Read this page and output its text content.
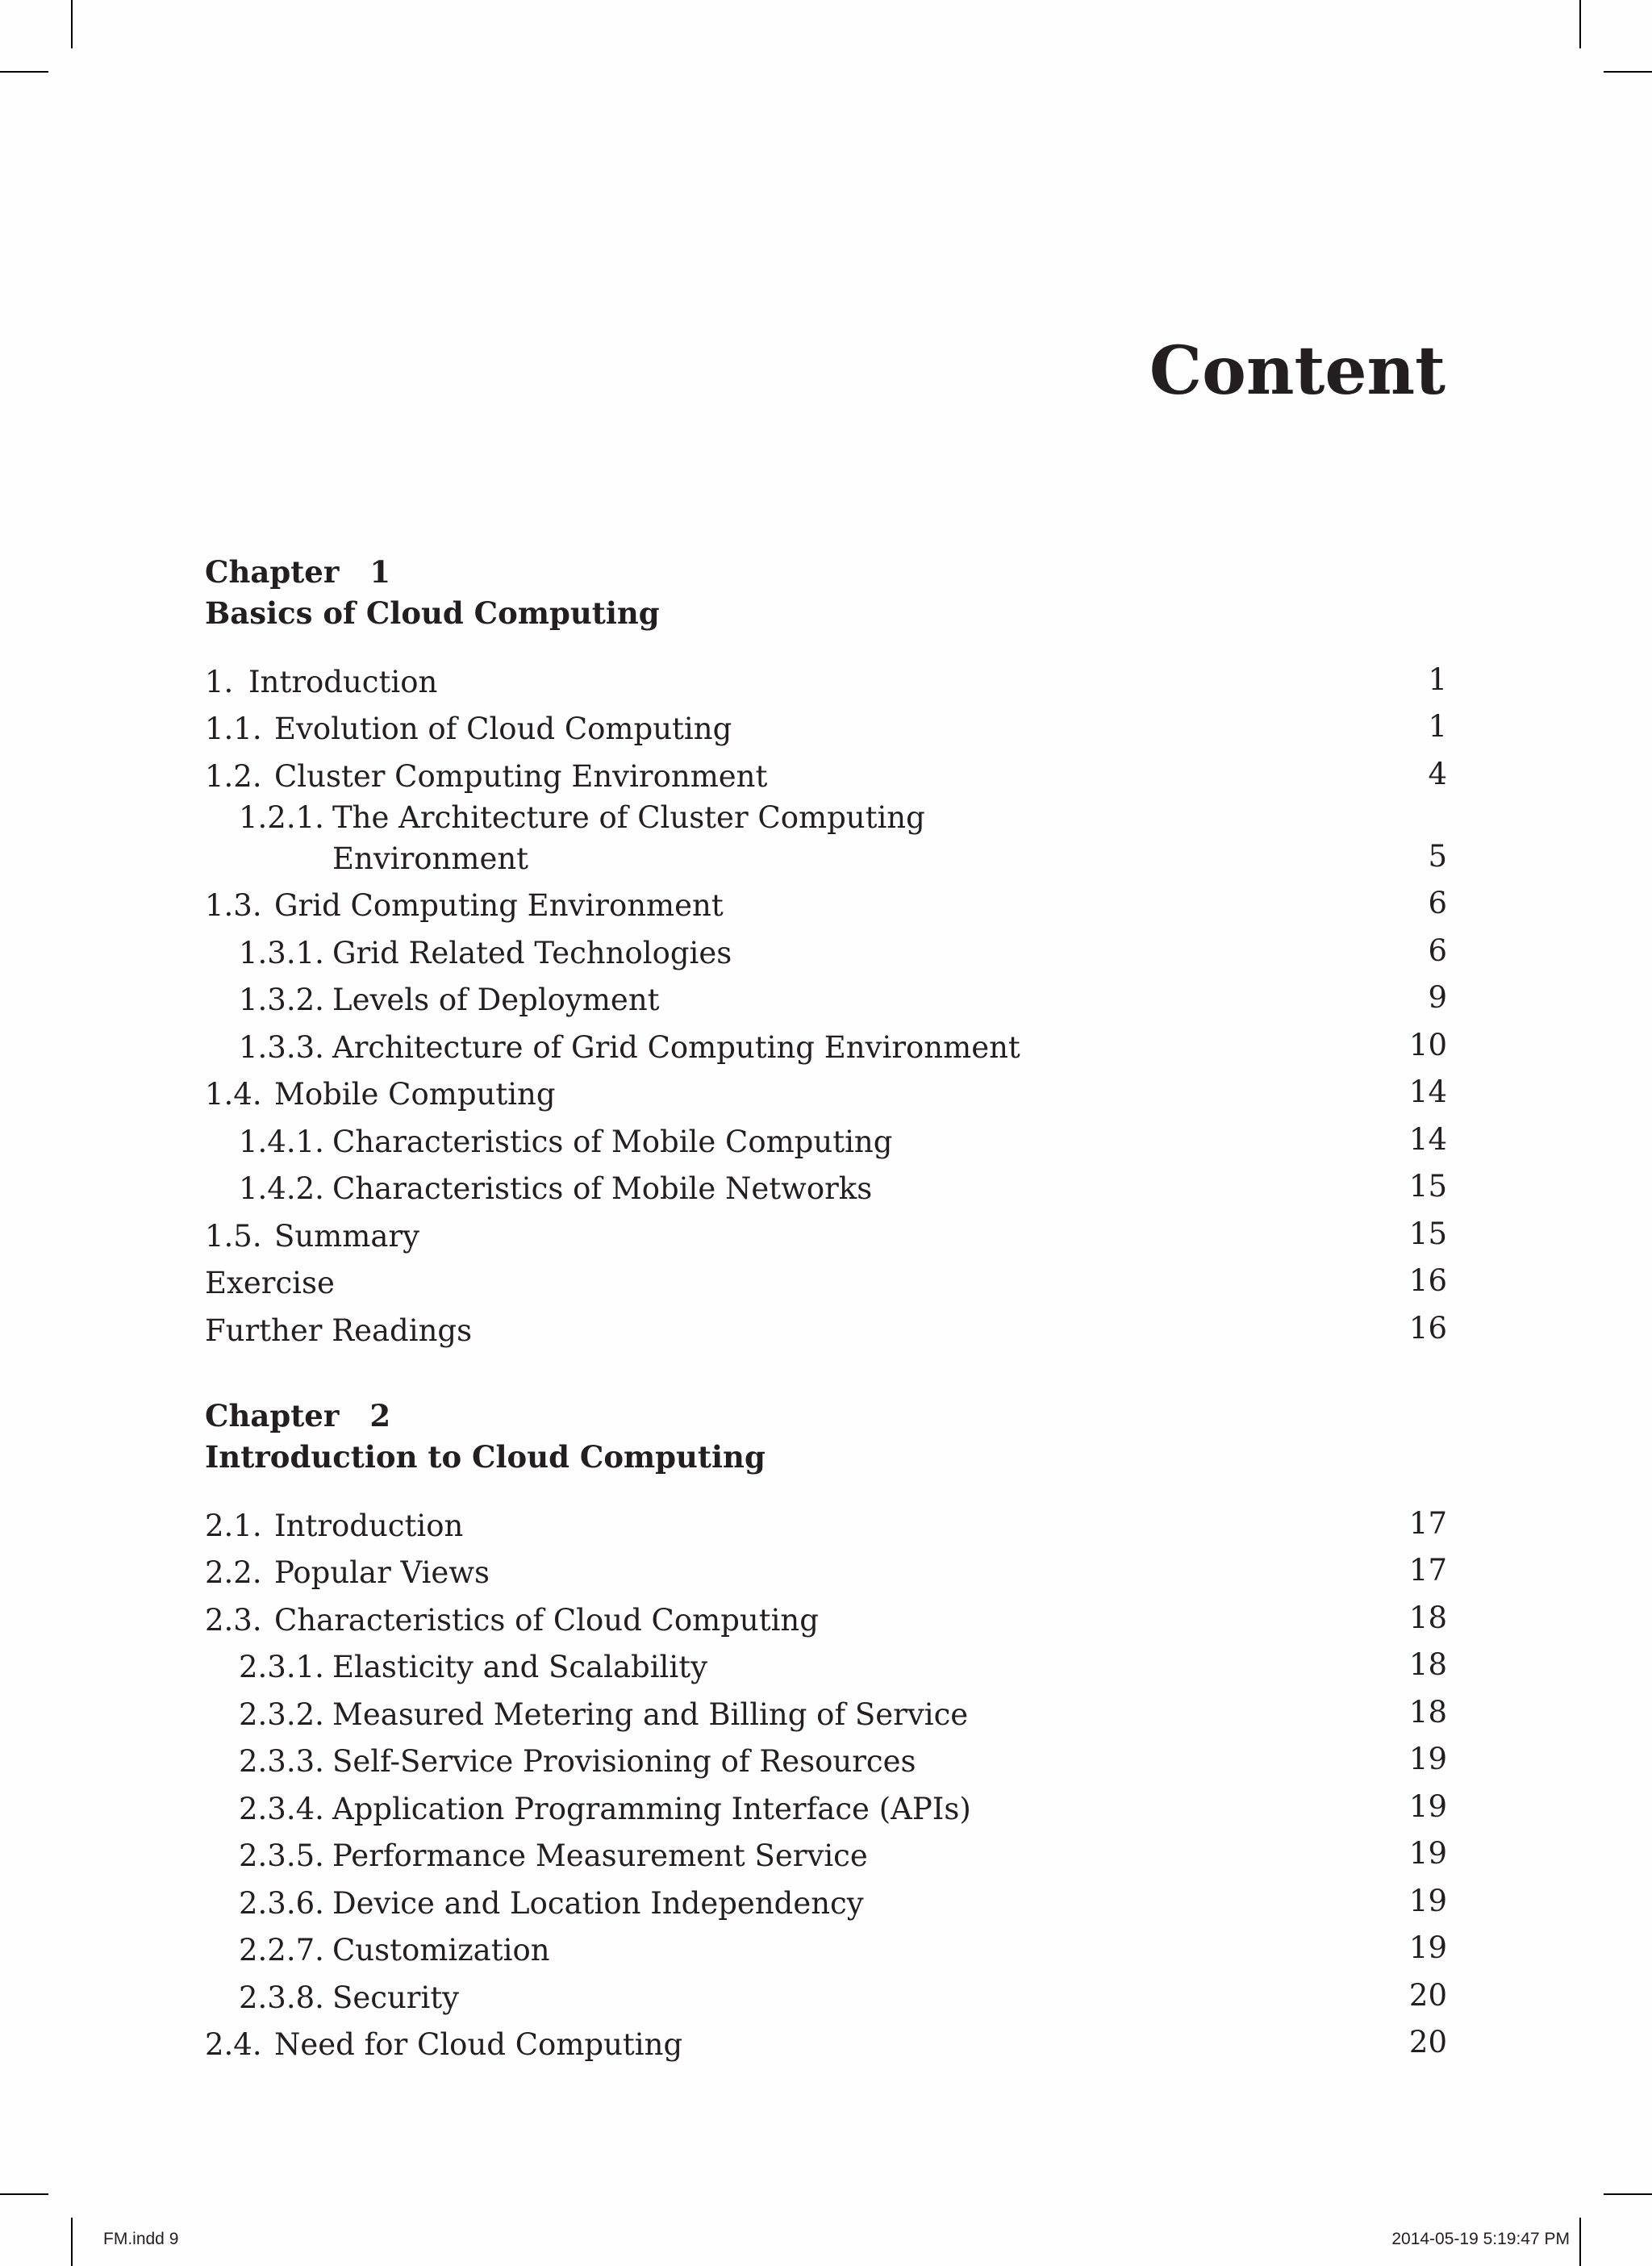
Content
Chapter 1
Basics of Cloud Computing
1. Introduction	1
1.1. Evolution of Cloud Computing	1
1.2. Cluster Computing Environment	4
1.2.1. The Architecture of Cluster Computing Environment	5
1.3. Grid Computing Environment	6
1.3.1. Grid Related Technologies	6
1.3.2. Levels of Deployment	9
1.3.3. Architecture of Grid Computing Environment	10
1.4. Mobile Computing	14
1.4.1. Characteristics of Mobile Computing	14
1.4.2. Characteristics of Mobile Networks	15
1.5. Summary	15
Exercise	16
Further Readings	16
Chapter 2
Introduction to Cloud Computing
2.1. Introduction	17
2.2. Popular Views	17
2.3. Characteristics of Cloud Computing	18
2.3.1. Elasticity and Scalability	18
2.3.2. Measured Metering and Billing of Service	18
2.3.3. Self-Service Provisioning of Resources	19
2.3.4. Application Programming Interface (APIs)	19
2.3.5. Performance Measurement Service	19
2.3.6. Device and Location Independency	19
2.2.7. Customization	19
2.3.8. Security	20
2.4. Need for Cloud Computing	20
FM.indd 9	2014-05-19 5:19:47 PM
